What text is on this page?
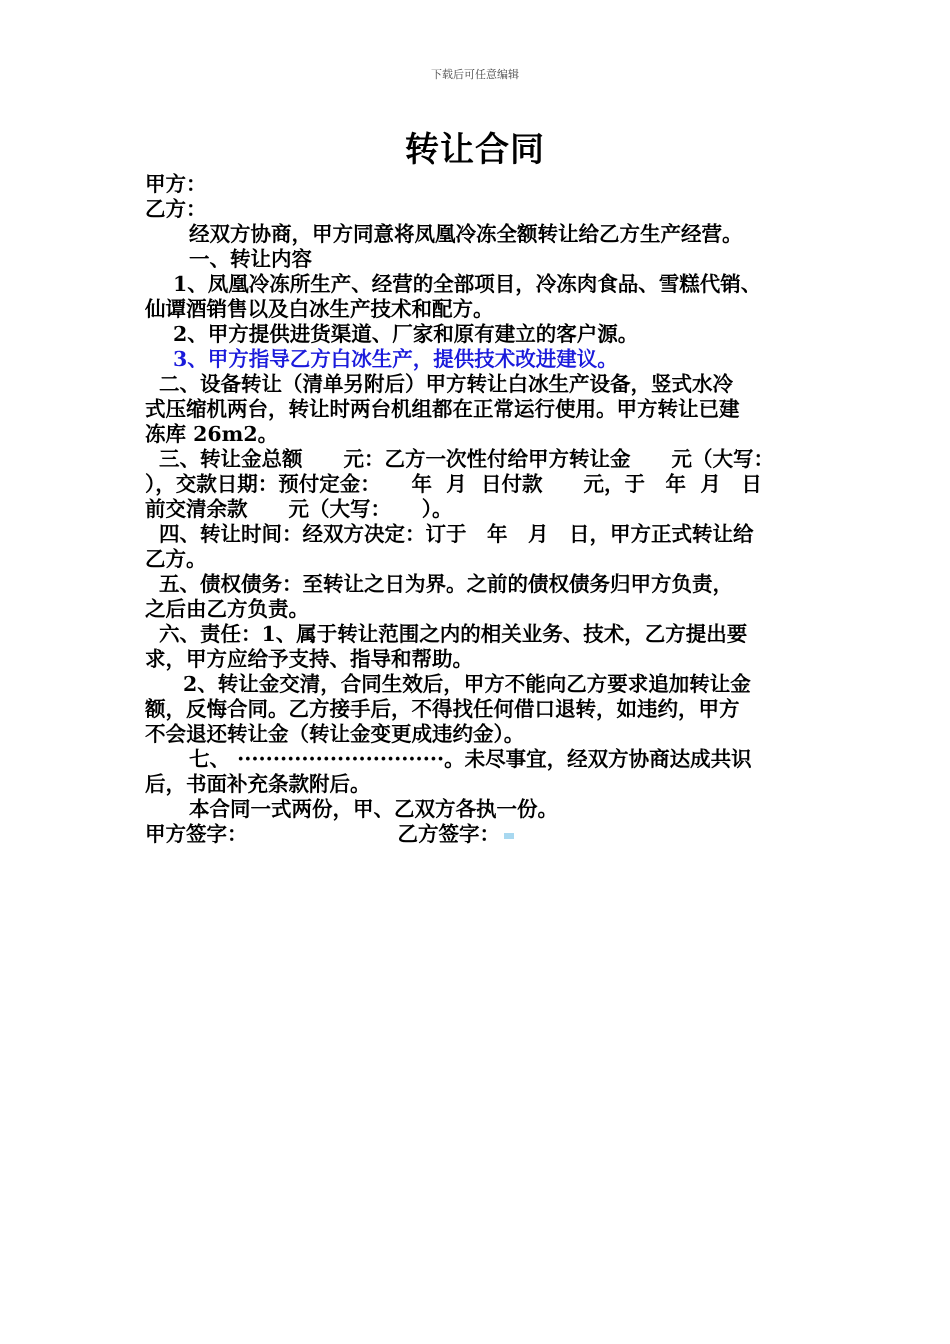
下载后可任意编辑
转让合同
甲方：
乙方：
经双方协商，甲方同意将凤凰冷冻全额转让给乙方生产经营。
一、转让内容
1、凤凰冷冻所生产、经营的全部项目，冷冻肉食品、雪糕代销、
仙谭酒销售以及白冰生产技术和配方。
2、甲方提供进货渠道、厂家和原有建立的客户源。
3、甲方指导乙方白冰生产，提供技术改进建议。
二、设备转让（清单另附后）甲方转让白冰生产设备，竖式水冷
式压缩机两台，转让时两台机组都在正常运行使用。甲方转让已建
冻库 26m2。
三、转让金总额　　元：乙方一次性付给甲方转让金　　元（大写：
），交款日期：预付定金：　　年  月  日付款　　元，于　年  月　日
前交清余款　　元（大写：　　）。
四、转让时间：经双方决定：订于　年　月　日，甲方正式转让给
乙方。
五、债权债务：至转让之日为界。之前的债权债务归甲方负责，
之后由乙方负责。
六、责任：1、属于转让范围之内的相关业务、技术，乙方提出要
求，甲方应给予支持、指导和帮助。
2、转让金交清，合同生效后，甲方不能向乙方要求追加转让金
额，反悔合同。乙方接手后，不得找任何借口退转，如违约，甲方
不会退还转让金（转让金变更成违约金）。
七、 ·····························。未尽事宜，经双方协商达成共识
后，书面补充条款附后。
本合同一式两份，甲、乙双方各执一份。
甲方签字：	乙方签字：
